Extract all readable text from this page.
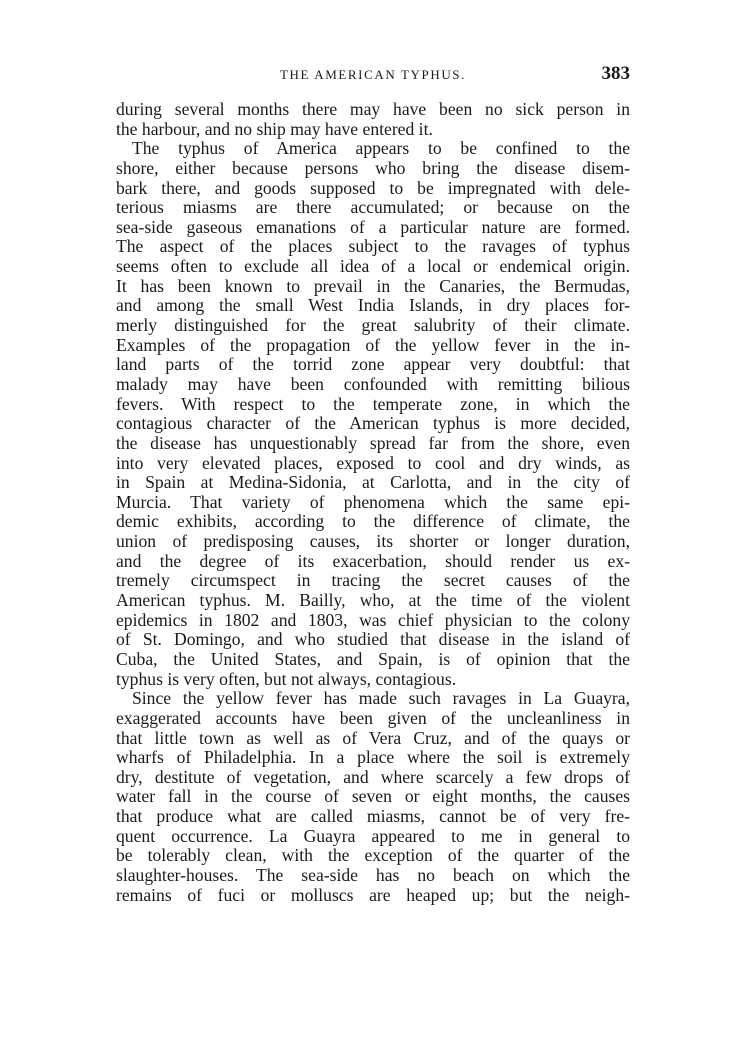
THE AMERICAN TYPHUS.	383
during several months there may have been no sick person in
the harbour, and no ship may have entered it.
The typhus of America appears to be confined to the
shore, either because persons who bring the disease disem-
bark there, and goods supposed to be impregnated with dele-
terious miasms are there accumulated; or because on the
sea-side gaseous emanations of a particular nature are formed.
The aspect of the places subject to the ravages of typhus
seems often to exclude all idea of a local or endemical origin.
It has been known to prevail in the Canaries, the Bermudas,
and among the small West India Islands, in dry places for-
merly distinguished for the great salubrity of their climate.
Examples of the propagation of the yellow fever in the in-
land parts of the torrid zone appear very doubtful: that
malady may have been confounded with remitting bilious
fevers. With respect to the temperate zone, in which the
contagious character of the American typhus is more decided,
the disease has unquestionably spread far from the shore, even
into very elevated places, exposed to cool and dry winds, as
in Spain at Medina-Sidonia, at Carlotta, and in the city of
Murcia. That variety of phenomena which the same epi-
demic exhibits, according to the difference of climate, the
union of predisposing causes, its shorter or longer duration,
and the degree of its exacerbation, should render us ex-
tremely circumspect in tracing the secret causes of the
American typhus. M. Bailly, who, at the time of the violent
epidemics in 1802 and 1803, was chief physician to the colony
of St. Domingo, and who studied that disease in the island of
Cuba, the United States, and Spain, is of opinion that the
typhus is very often, but not always, contagious.
Since the yellow fever has made such ravages in La Guayra,
exaggerated accounts have been given of the uncleanliness in
that little town as well as of Vera Cruz, and of the quays or
wharfs of Philadelphia. In a place where the soil is extremely
dry, destitute of vegetation, and where scarcely a few drops of
water fall in the course of seven or eight months, the causes
that produce what are called miasms, cannot be of very fre-
quent occurrence. La Guayra appeared to me in general to
be tolerably clean, with the exception of the quarter of the
slaughter-houses. The sea-side has no beach on which the
remains of fuci or molluscs are heaped up; but the neigh-
